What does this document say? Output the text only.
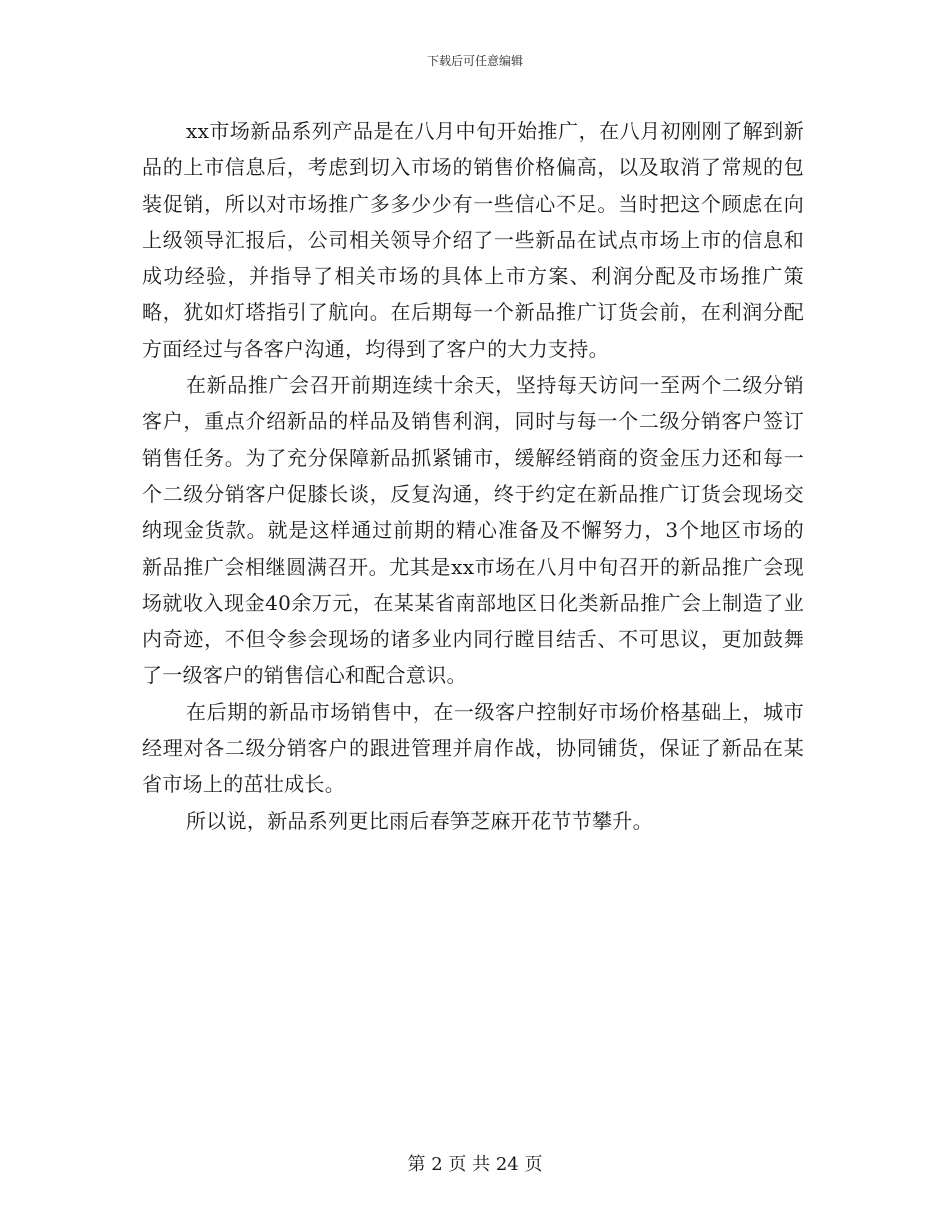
下载后可任意编辑

xx市场新品系列产品是在八月中旬开始推广，在八月初刚刚了解到新品的上市信息后，考虑到切入市场的销售价格偏高，以及取消了常规的包装促销，所以对市场推广多多少少有一些信心不足。当时把这个顾虑在向上级领导汇报后，公司相关领导介绍了一些新品在试点市场上市的信息和成功经验，并指导了相关市场的具体上市方案、利润分配及市场推广策略，犹如灯塔指引了航向。在后期每一个新品推广订货会前，在利润分配方面经过与各客户沟通，均得到了客户的大力支持。

在新品推广会召开前期连续十余天，坚持每天访问一至两个二级分销客户，重点介绍新品的样品及销售利润，同时与每一个二级分销客户签订销售任务。为了充分保障新品抓紧铺市，缓解经销商的资金压力还和每一个二级分销客户促膝长谈，反复沟通，终于约定在新品推广订货会现场交纳现金货款。就是这样通过前期的精心准备及不懈努力，3个地区市场的新品推广会相继圆满召开。尤其是xx市场在八月中旬召开的新品推广会现场就收入现金40余万元，在某某省南部地区日化类新品推广会上制造了业内奇迹，不但令参会现场的诸多业内同行瞠目结舌、不可思议，更加鼓舞了一级客户的销售信心和配合意识。

在后期的新品市场销售中，在一级客户控制好市场价格基础上，城市经理对各二级分销客户的跟进管理并肩作战，协同铺货，保证了新品在某省市场上的茁壮成长。

所以说，新品系列更比雨后春笋芝麻开花节节攀升。

第 2 页 共 24 页
